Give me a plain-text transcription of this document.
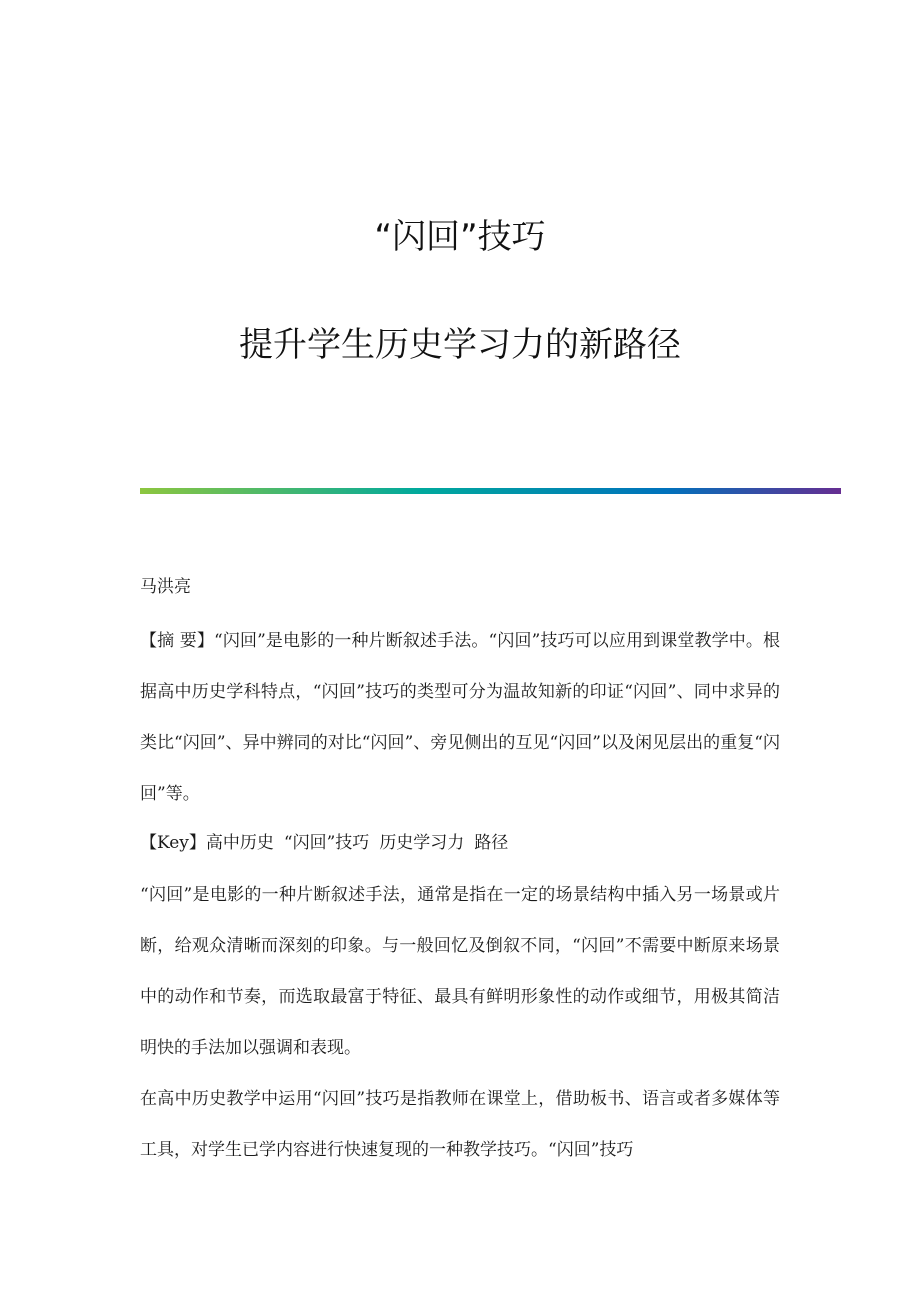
“闪回”技巧
提升学生历史学习力的新路径
马洪亮

【摘 要】“闪回”是电影的一种片断叙述手法。“闪回”技巧可以应用到课堂教学中。根据高中历史学科特点，“闪回”技巧的类型可分为温故知新的印证“闪回”、同中求异的类比“闪回”、异中辨同的对比“闪回”、旁见侧出的互见“闪回”以及闲见层出的重复“闪回”等。

【Key】高中历史 “闪回”技巧 历史学习力 路径

“闪回”是电影的一种片断叙述手法，通常是指在一定的场景结构中插入另一场景或片断，给观众清晰而深刻的印象。与一般回忆及倒叙不同，“闪回”不需要中断原来场景中的动作和节奏，而选取最富于特征、最具有鲜明形象性的动作或细节，用极其简洁明快的手法加以强调和表现。

在高中历史教学中运用“闪回”技巧是指教师在课堂上，借助板书、语言或者多媒体等工具，对学生已学内容进行快速复现的一种教学技巧。“闪回”技巧
